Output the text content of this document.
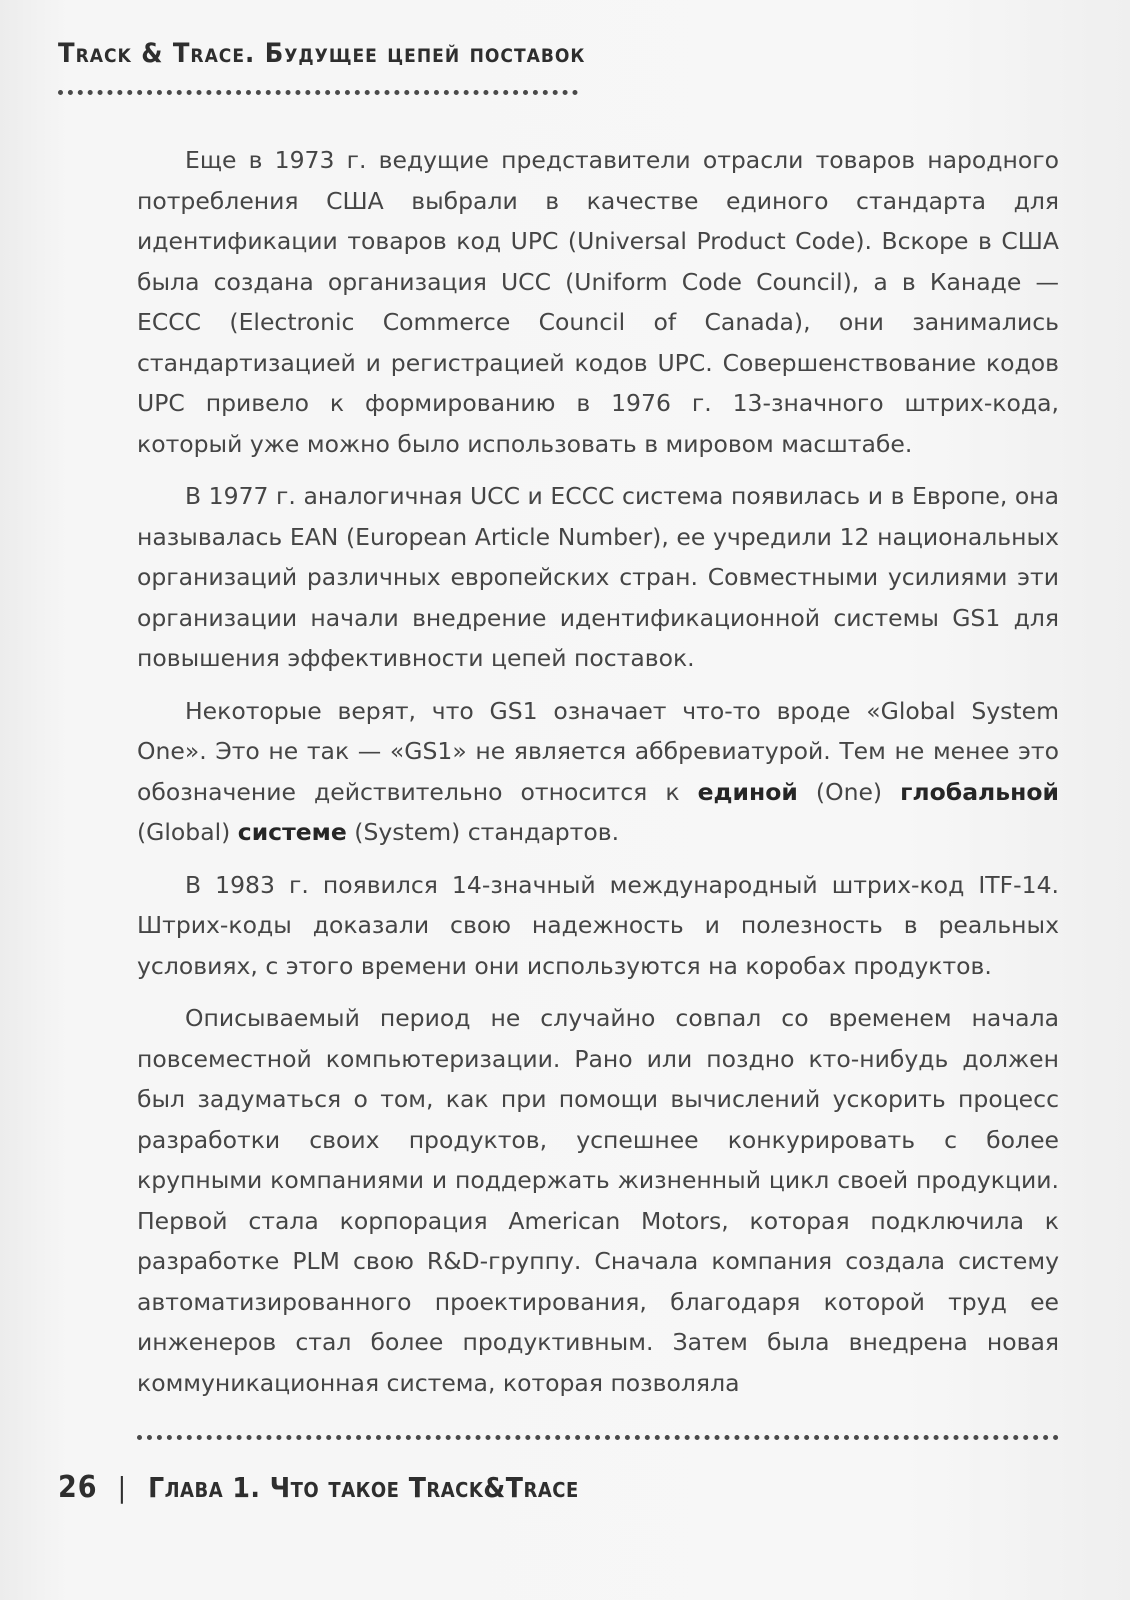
Track & Trace. Будущее цепей поставок

Еще в 1973 г. ведущие представители отрасли товаров народного потребления США выбрали в качестве единого стандарта для идентификации товаров код UPC (Universal Product Code). Вскоре в США была создана организация UCC (Uniform Code Council), а в Канаде — ECCC (Electronic Commerce Council of Canada), они занимались стандартизацией и регистрацией кодов UPC. Совершенствование кодов UPC привело к формированию в 1976 г. 13-значного штрих-кода, который уже можно было использовать в мировом масштабе.

В 1977 г. аналогичная UCC и ECCC система появилась и в Европе, она называлась EAN (European Article Number), ее учредили 12 национальных организаций различных европейских стран. Совместными усилиями эти организации начали внедрение идентификационной системы GS1 для повышения эффективности цепей поставок.

Некоторые верят, что GS1 означает что-то вроде «Global System One». Это не так — «GS1» не является аббревиатурой. Тем не менее это обозначение действительно относится к единой (One) глобальной (Global) системе (System) стандартов.

В 1983 г. появился 14-значный международный штрих-код ITF-14. Штрих-коды доказали свою надежность и полезность в реальных условиях, с этого времени они используются на коробах продуктов.

Описываемый период не случайно совпал со временем начала повсеместной компьютеризации. Рано или поздно кто-нибудь должен был задуматься о том, как при помощи вычислений ускорить процесс разработки своих продуктов, успешнее конкурировать с более крупными компаниями и поддержать жизненный цикл своей продукции. Первой стала корпорация American Motors, которая подключила к разработке PLM свою R&D-группу. Сначала компания создала систему автоматизированного проектирования, благодаря которой труд ее инженеров стал более продуктивным. Затем была внедрена новая коммуникационная система, которая позволяла

26 | Глава 1. Что такое Track&Trace
